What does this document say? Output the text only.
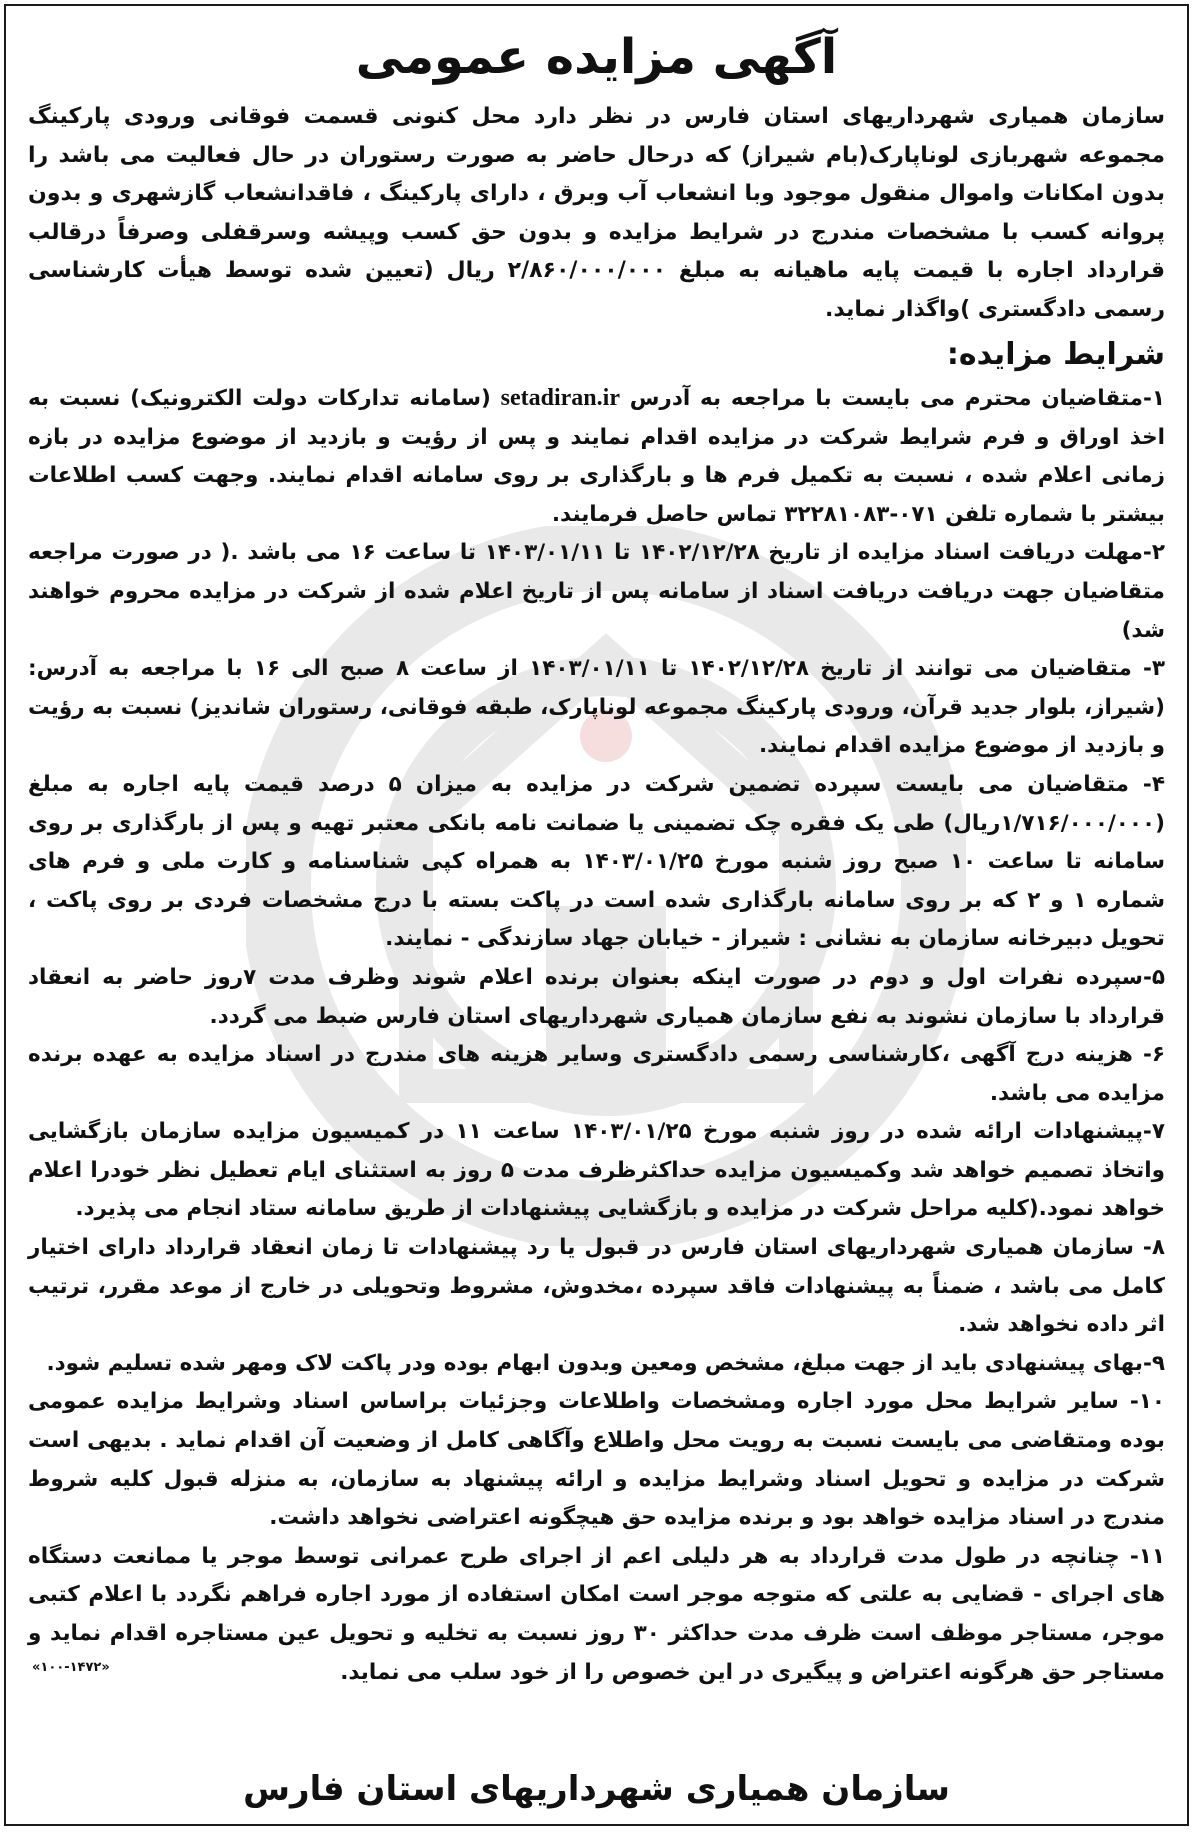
آگهی مزایده عمومی

سازمان همیاری شهرداریهای استان فارس در نظر دارد محل کنونی قسمت فوقانی ورودی پارکینگ مجموعه شهربازی لوناپارک(بام شیراز) که درحال حاضر به صورت رستوران در حال فعالیت می باشد را بدون امکانات واموال منقول موجود وبا انشعاب آب وبرق ، دارای پارکینگ ، فاقدانشعاب گازشهری و بدون پروانه کسب با مشخصات مندرج در شرایط مزایده و بدون حق کسب وپیشه وسرقفلی وصرفاً درقالب قرارداد اجاره با قیمت پایه ماهیانه به مبلغ ۲/۸۶۰/۰۰۰/۰۰۰ ریال (تعیین شده توسط هیأت کارشناسی رسمی دادگستری )واگذار نماید.

شرایط مزایده:

۱-متقاضیان محترم می بایست با مراجعه به آدرس setadiran.ir (سامانه تدارکات دولت الکترونیک) نسبت به اخذ اوراق و فرم شرایط شرکت در مزایده اقدام نمایند و پس از رؤیت و بازدید از موضوع مزایده در بازه زمانی اعلام شده ، نسبت به تکمیل فرم ها و بارگذاری بر روی سامانه اقدام نمایند. وجهت کسب اطلاعات بیشتر با شماره تلفن ۰۷۱-۳۲۲۸۱۰۸۳ تماس حاصل فرمایند.

۲-مهلت دریافت اسناد مزایده از تاریخ ۱۴۰۲/۱۲/۲۸ تا ۱۴۰۳/۰۱/۱۱ تا ساعت ۱۶ می باشد .( در صورت مراجعه متقاضیان جهت دریافت دریافت اسناد از سامانه پس از تاریخ اعلام شده از شرکت در مزایده محروم خواهند شد)

۳- متقاضیان می توانند از تاریخ ۱۴۰۲/۱۲/۲۸ تا ۱۴۰۳/۰۱/۱۱ از ساعت ۸ صبح الی ۱۶ با مراجعه به آدرس: (شیراز، بلوار جدید قرآن، ورودی پارکینگ مجموعه لوناپارک، طبقه فوقانی، رستوران شاندیز) نسبت به رؤیت و بازدید از موضوع مزایده اقدام نمایند.

۴- متقاضیان می بایست سپرده تضمین شرکت در مزایده به میزان ۵ درصد قیمت پایه اجاره به مبلغ (۱/۷۱۶/۰۰۰/۰۰۰ریال) طی یک فقره چک تضمینی یا ضمانت نامه بانکی معتبر تهیه و پس از بارگذاری بر روی سامانه تا ساعت ۱۰ صبح روز شنبه مورخ ۱۴۰۳/۰۱/۲۵ به همراه کپی شناسنامه و کارت ملی و فرم های شماره ۱ و ۲ که بر روی سامانه بارگذاری شده است در پاکت بسته با درج مشخصات فردی بر روی پاکت ، تحویل دبیرخانه سازمان به نشانی : شیراز - خیابان جهاد سازندگی - نمایند.

۵-سپرده نفرات اول و دوم در صورت اینکه بعنوان برنده اعلام شوند وظرف مدت ۷روز حاضر به انعقاد قرارداد با سازمان نشوند به نفع سازمان همیاری شهرداریهای استان فارس ضبط می گردد.

۶- هزینه درج آگهی ،کارشناسی رسمی دادگستری وسایر هزینه های مندرج در اسناد مزایده به عهده برنده مزایده می باشد.

۷-پیشنهادات ارائه شده در روز شنبه مورخ ۱۴۰۳/۰۱/۲۵ ساعت ۱۱ در کمیسیون مزایده سازمان بازگشایی واتخاذ تصمیم خواهد شد وکمیسیون مزایده حداکثرظرف مدت ۵ روز به استثنای ایام تعطیل نظر خودرا اعلام خواهد نمود.(کلیه مراحل شرکت در مزایده و بازگشایی پیشنهادات از طریق سامانه ستاد انجام می پذیرد.

۸- سازمان همیاری شهرداریهای استان فارس در قبول یا رد پیشنهادات تا زمان انعقاد قرارداد دارای اختیار کامل می باشد ، ضمناً به پیشنهادات فاقد سپرده ،مخدوش، مشروط وتحویلی در خارج از موعد مقرر، ترتیب اثر داده نخواهد شد.

۹-بهای پیشنهادی باید از جهت مبلغ، مشخص ومعین وبدون ابهام بوده ودر پاکت لاک ومهر شده تسلیم شود.

۱۰- سایر شرایط محل مورد اجاره ومشخصات واطلاعات وجزئیات براساس اسناد وشرایط مزایده عمومی بوده ومتقاضی می بایست نسبت به رویت محل واطلاع وآگاهی کامل از وضعیت آن اقدام نماید . بدیهی است شرکت در مزایده و تحویل اسناد وشرایط مزایده و ارائه پیشنهاد به سازمان، به منزله قبول کلیه شروط مندرج در اسناد مزایده خواهد بود و برنده مزایده حق هیچگونه اعتراضی نخواهد داشت.

۱۱- چنانچه در طول مدت قرارداد به هر دلیلی اعم از اجرای طرح عمرانی توسط موجر یا ممانعت دستگاه های اجرای - قضایی به علتی که متوجه موجر است امکان استفاده از مورد اجاره فراهم نگردد با اعلام کتبی موجر، مستاجر موظف است ظرف مدت حداکثر ۳۰ روز نسبت به تخلیه و تحویل عین مستاجره اقدام نماید و مستاجر حق هرگونه اعتراض و پیگیری در این خصوص را از خود سلب می نماید.

«۱۰۰-۱۴۷۲»
سازمان همیاری شهرداریهای استان فارس
